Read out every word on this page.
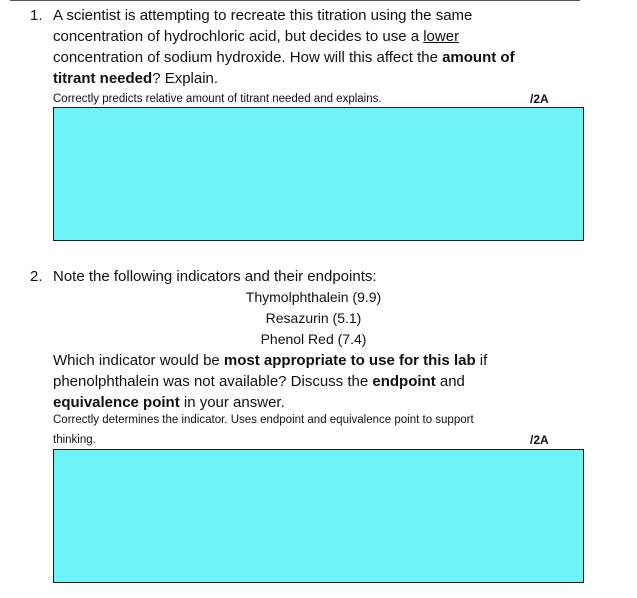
1. A scientist is attempting to recreate this titration using the same
concentration of hydrochloric acid, but decides to use a lower
concentration of sodium hydroxide. How will this affect the amount of
titrant needed? Explain.
Correctly predicts relative amount of titrant needed and explains.	/2A
2. Note the following indicators and their endpoints:
Thymolphthalein (9.9)
Resazurin (5.1)
Phenol Red (7.4)
Which indicator would be most appropriate to use for this lab if
phenolphthalein was not available? Discuss the endpoint and
equivalence point in your answer.
Correctly determines the indicator. Uses endpoint and equivalence point to support
thinking.	/2A
